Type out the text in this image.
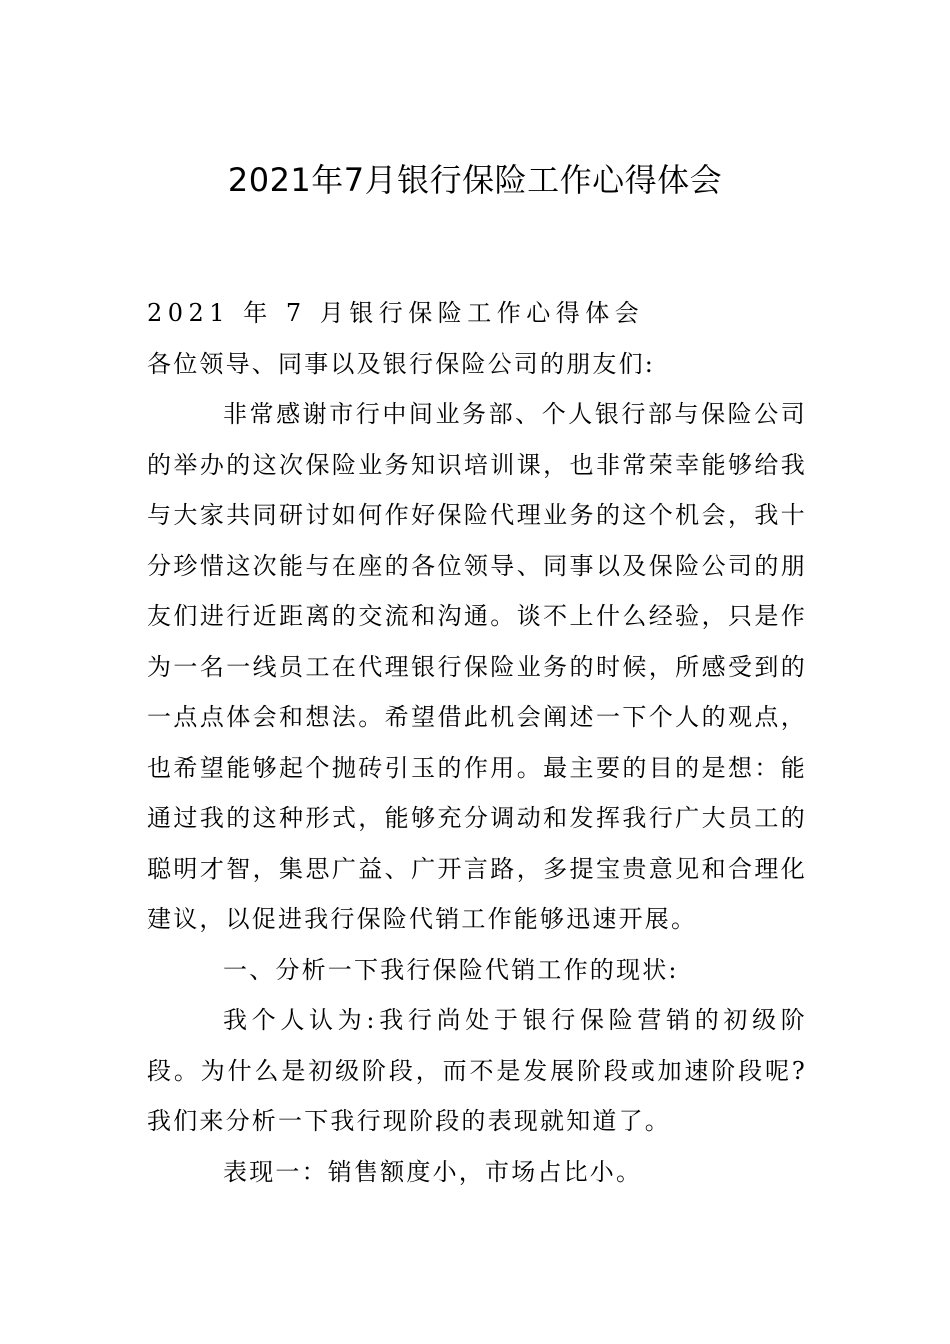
2021年7月银行保险工作心得体会

2021 年 7 月银行保险工作心得体会

各位领导、同事以及银行保险公司的朋友们:

非常感谢市行中间业务部、个人银行部与保险公司的举办的这次保险业务知识培训课，也非常荣幸能够给我与大家共同研讨如何作好保险代理业务的这个机会，我十分珍惜这次能与在座的各位领导、同事以及保险公司的朋友们进行近距离的交流和沟通。谈不上什么经验，只是作为一名一线员工在代理银行保险业务的时候，所感受到的一点点体会和想法。希望借此机会阐述一下个人的观点，也希望能够起个抛砖引玉的作用。最主要的目的是想：能通过我的这种形式，能够充分调动和发挥我行广大员工的聪明才智，集思广益、广开言路，多提宝贵意见和合理化建议，以促进我行保险代销工作能够迅速开展。

一、分析一下我行保险代销工作的现状:

我个人认为:我行尚处于银行保险营销的初级阶段。为什么是初级阶段，而不是发展阶段或加速阶段呢?我们来分析一下我行现阶段的表现就知道了。

表现一：销售额度小，市场占比小。
